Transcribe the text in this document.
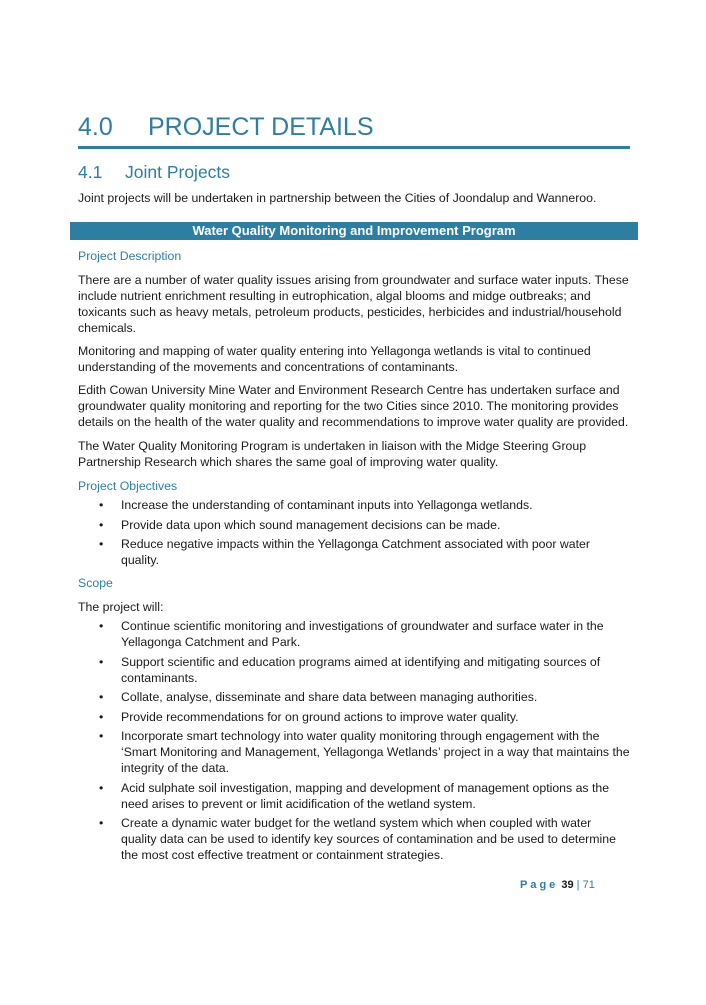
4.0 PROJECT DETAILS
4.1 Joint Projects

Joint projects will be undertaken in partnership between the Cities of Joondalup and Wanneroo.

Water Quality Monitoring and Improvement Program
Project Description

There are a number of water quality issues arising from groundwater and surface water inputs. These include nutrient enrichment resulting in eutrophication, algal blooms and midge outbreaks; and toxicants such as heavy metals, petroleum products, pesticides, herbicides and industrial/household chemicals.

Monitoring and mapping of water quality entering into Yellagonga wetlands is vital to continued understanding of the movements and concentrations of contaminants.

Edith Cowan University Mine Water and Environment Research Centre has undertaken surface and groundwater quality monitoring and reporting for the two Cities since 2010. The monitoring provides details on the health of the water quality and recommendations to improve water quality are provided.

The Water Quality Monitoring Program is undertaken in liaison with the Midge Steering Group Partnership Research which shares the same goal of improving water quality.

Project Objectives
• Increase the understanding of contaminant inputs into Yellagonga wetlands.
• Provide data upon which sound management decisions can be made.
• Reduce negative impacts within the Yellagonga Catchment associated with poor water quality.
Scope

The project will:

• Continue scientific monitoring and investigations of groundwater and surface water in the Yellagonga Catchment and Park.
• Support scientific and education programs aimed at identifying and mitigating sources of contaminants.
• Collate, analyse, disseminate and share data between managing authorities.
• Provide recommendations for on ground actions to improve water quality.
• Incorporate smart technology into water quality monitoring through engagement with the ‘Smart Monitoring and Management, Yellagonga Wetlands’ project in a way that maintains the integrity of the data.
• Acid sulphate soil investigation, mapping and development of management options as the need arises to prevent or limit acidification of the wetland system.
• Create a dynamic water budget for the wetland system which when coupled with water quality data can be used to identify key sources of contamination and be used to determine the most cost effective treatment or containment strategies.
Page 39 | 71
